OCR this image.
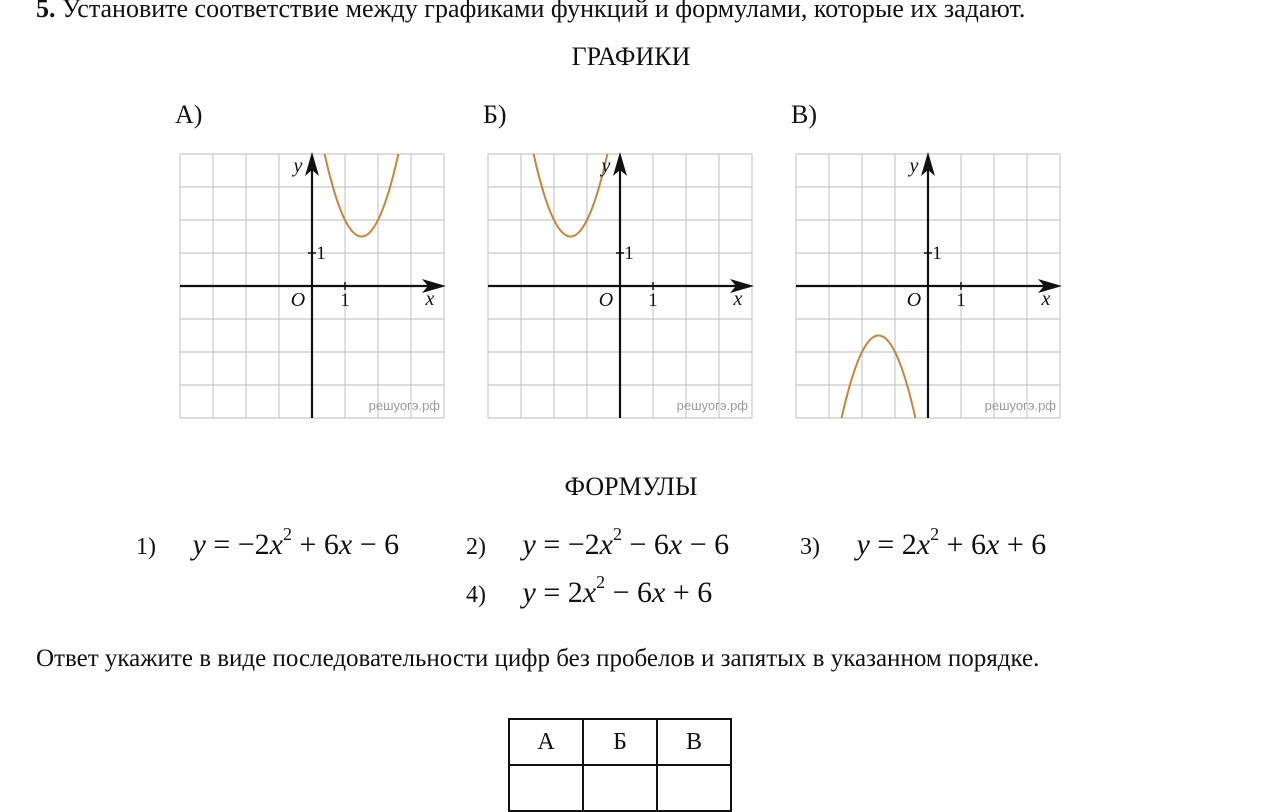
5. Установите соответствие между графиками функций и формулами, которые их задают.
ГРАФИКИ
А)	Б)	В)
y
x
O 1
1
решуогэ.рф
y
x
O 1
1
решуогэ.рф
y
x
O 1
1
решуогэ.рф
ФОРМУЛЫ
1) $y = -2x^2 + 6x - 6$	2) $y = -2x^2 - 6x - 6$	3) $y = 2x^2 + 6x + 6$
4) $y = 2x^2 - 6x + 6$
Ответ укажите в виде последовательности цифр без пробелов и запятых в указанном порядке.
А	Б	В
